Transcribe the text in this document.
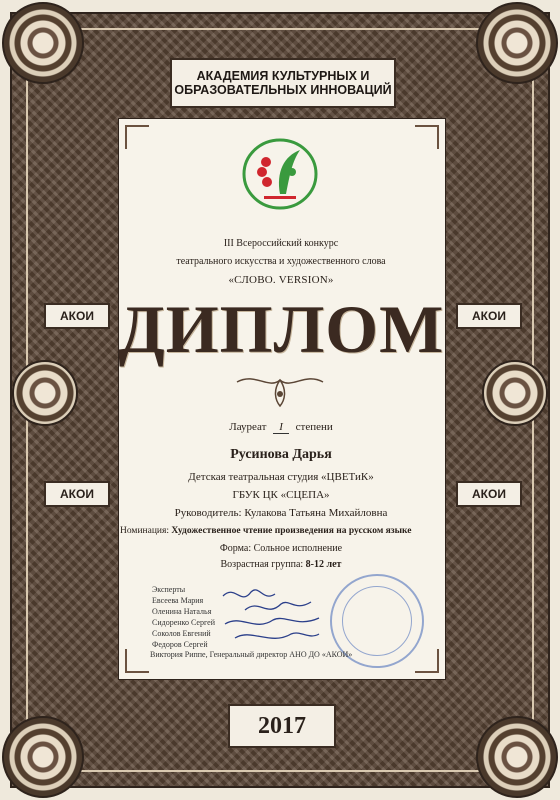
АКАДЕМИЯ КУЛЬТУРНЫХ И
ОБРАЗОВАТЕЛЬНЫХ ИННОВАЦИЙ
АКОИ	АКОИ
АКОИ	АКОИ
III Всероссийский конкурс
театрального искусства и художественного слова
«СЛОВО. VERSION»
ДИПЛОМ
Лауреат I степени
Русинова Дарья
Детская театральная студия «ЦВЕТиК»
ГБУК ЦК «СЦЕПА»
Руководитель: Кулакова Татьяна Михайловна
Номинация: Художественное чтение произведения на русском языке
Форма: Сольное исполнение
Возрастная группа: 8-12 лет
Эксперты
Евсеева Мария
Оленина Наталья
Сидоренко Сергей
Соколов Евгений
Федоров Сергей
Виктория Риппе, Генеральный директор АНО ДО «АКОИ»
2017
